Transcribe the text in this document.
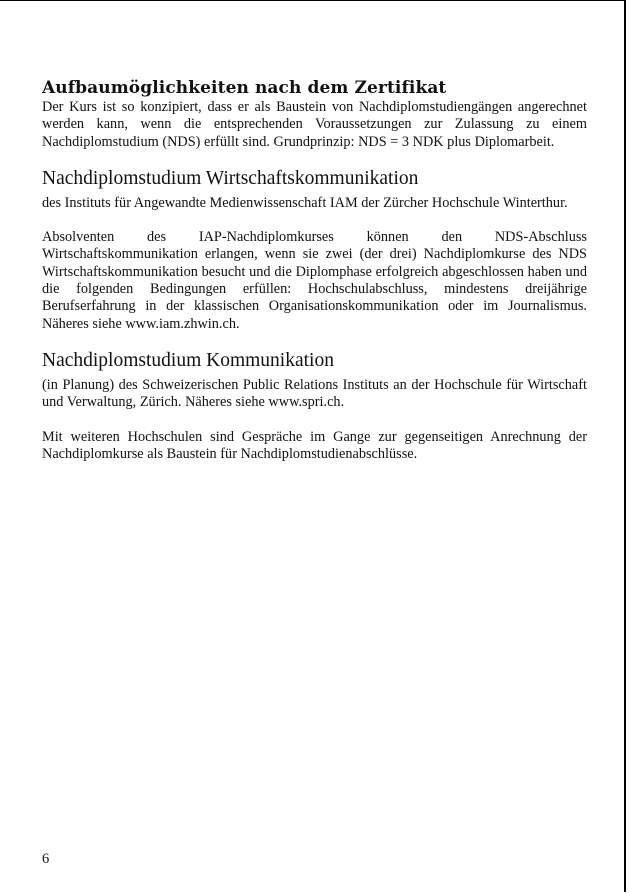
Aufbaumöglichkeiten nach dem Zertifikat

Der Kurs ist so konzipiert, dass er als Baustein von Nachdiplomstudiengängen angerechnet werden kann, wenn die entsprechenden Voraussetzungen zur Zulassung zu einem Nachdiplomstudium (NDS) erfüllt sind. Grundprinzip: NDS = 3 NDK plus Diplomarbeit.

Nachdiplomstudium Wirtschaftskommunikation

des Instituts für Angewandte Medienwissenschaft IAM der Zürcher Hochschule Winterthur.

Absolventen des IAP-Nachdiplomkurses können den NDS-Abschluss Wirtschaftskommunikation erlangen, wenn sie zwei (der drei) Nachdiplomkurse des NDS Wirtschaftskommunikation besucht und die Diplomphase erfolgreich abgeschlossen haben und die folgenden Bedingungen erfüllen: Hochschulabschluss, mindestens dreijährige Berufserfahrung in der klassischen Organisationskommunikation oder im Journalismus. Näheres siehe www.iam.zhwin.ch.

Nachdiplomstudium Kommunikation

(in Planung) des Schweizerischen Public Relations Instituts an der Hochschule für Wirtschaft und Verwaltung, Zürich. Näheres siehe www.spri.ch.

Mit weiteren Hochschulen sind Gespräche im Gange zur gegenseitigen Anrechnung der Nachdiplomkurse als Baustein für Nachdiplomstudienabschlüsse.

6
